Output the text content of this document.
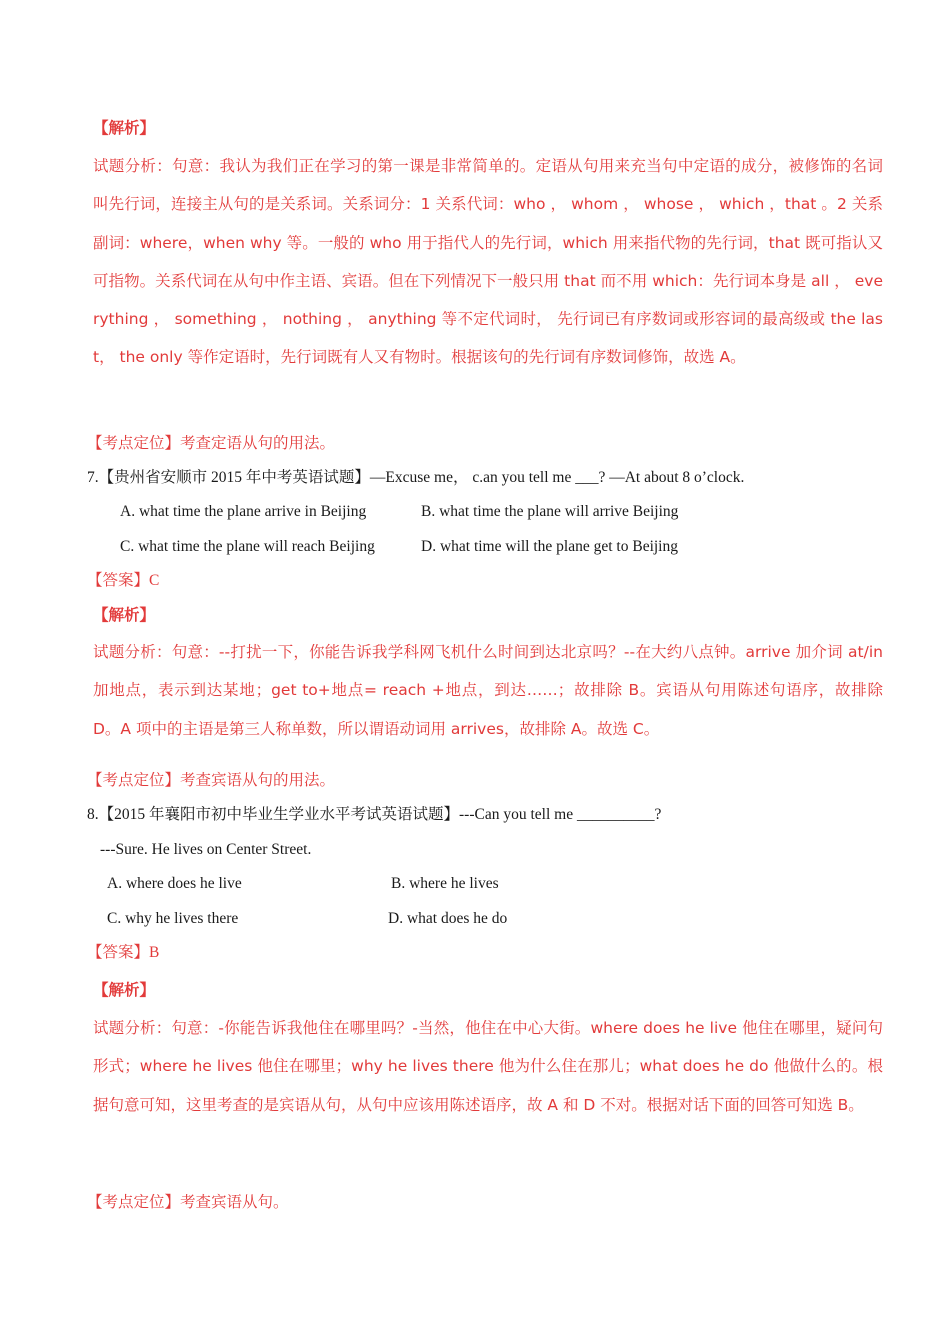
【解析】
试题分析：句意：我认为我们正在学习的第一课是非常简单的。定语从句用来充当句中定语的成分，被修饰的名词叫先行词，连接主从句的是关系词。关系词分：1 关系代词：who ， whom ， whose ， which ，that 。2 关系副词：where，when why 等。一般的 who 用于指代人的先行词，which 用来指代物的先行词，that 既可指认又可指物。关系代词在从句中作主语、宾语。但在下列情况下一般只用 that 而不用 which：先行词本身是 all ， everything ， something ， nothing ， anything 等不定代词时， 先行词已有序数词或形容词的最高级或 the last， the only 等作定语时，先行词既有人又有物时。根据该句的先行词有序数词修饰，故选 A。
【考点定位】考查定语从句的用法。
7.【贵州省安顺市 2015 年中考英语试题】—Excuse me， c.an you tell me ___? —At about 8 o’clock.
A. what time the plane arrive in Beijing	B. what time the plane will arrive Beijing
C. what time the plane will reach Beijing	D. what time will the plane get to Beijing
【答案】C
【解析】
试题分析：句意：--打扰一下，你能告诉我学科网飞机什么时间到达北京吗？--在大约八点钟。arrive 加介词 at/in 加地点，表示到达某地；get to+地点= reach +地点，到达……；故排除 B。宾语从句用陈述句语序，故排除 D。A 项中的主语是第三人称单数，所以谓语动词用 arrives，故排除 A。故选 C。
【考点定位】考查宾语从句的用法。
8.【2015 年襄阳市初中毕业生学业水平考试英语试题】---Can you tell me __________?
---Sure. He lives on Center Street.
A. where does he live	B. where he lives
C. why he lives there	D. what does he do
【答案】B
【解析】
试题分析：句意：-你能告诉我他住在哪里吗？-当然，他住在中心大街。where does he live 他住在哪里，疑问句形式；where he lives 他住在哪里；why he lives there 他为什么住在那儿；what does he do 他做什么的。根据句意可知，这里考查的是宾语从句，从句中应该用陈述语序，故 A 和 D 不对。根据对话下面的回答可知选 B。
【考点定位】考查宾语从句。
